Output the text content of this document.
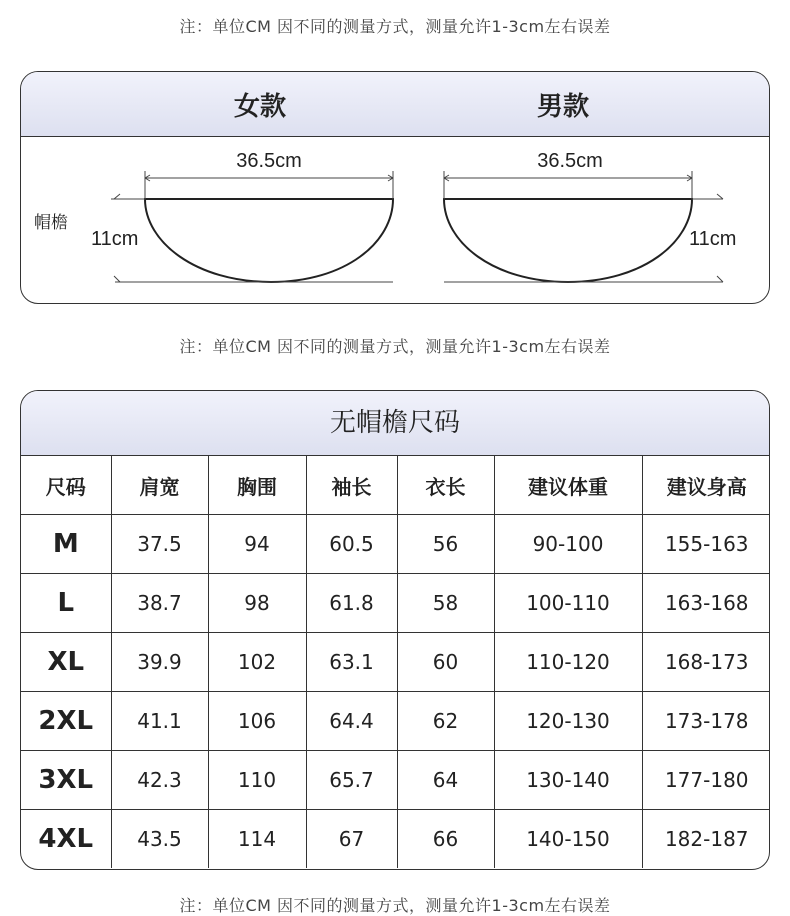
注：单位CM 因不同的测量方式，测量允许1-3cm左右误差
女款	男款
36.5cm
11cm
帽檐
36.5cm
11cm
注：单位CM 因不同的测量方式，测量允许1-3cm左右误差
无帽檐尺码
尺码	肩宽	胸围	袖长	衣长	建议体重	建议身高
M	37.5	94	60.5	56	90-100	155-163
L	38.7	98	61.8	58	100-110	163-168
XL	39.9	102	63.1	60	110-120	168-173
2XL	41.1	106	64.4	62	120-130	173-178
3XL	42.3	110	65.7	64	130-140	177-180
4XL	43.5	114	67	66	140-150	182-187
注：单位CM 因不同的测量方式，测量允许1-3cm左右误差
